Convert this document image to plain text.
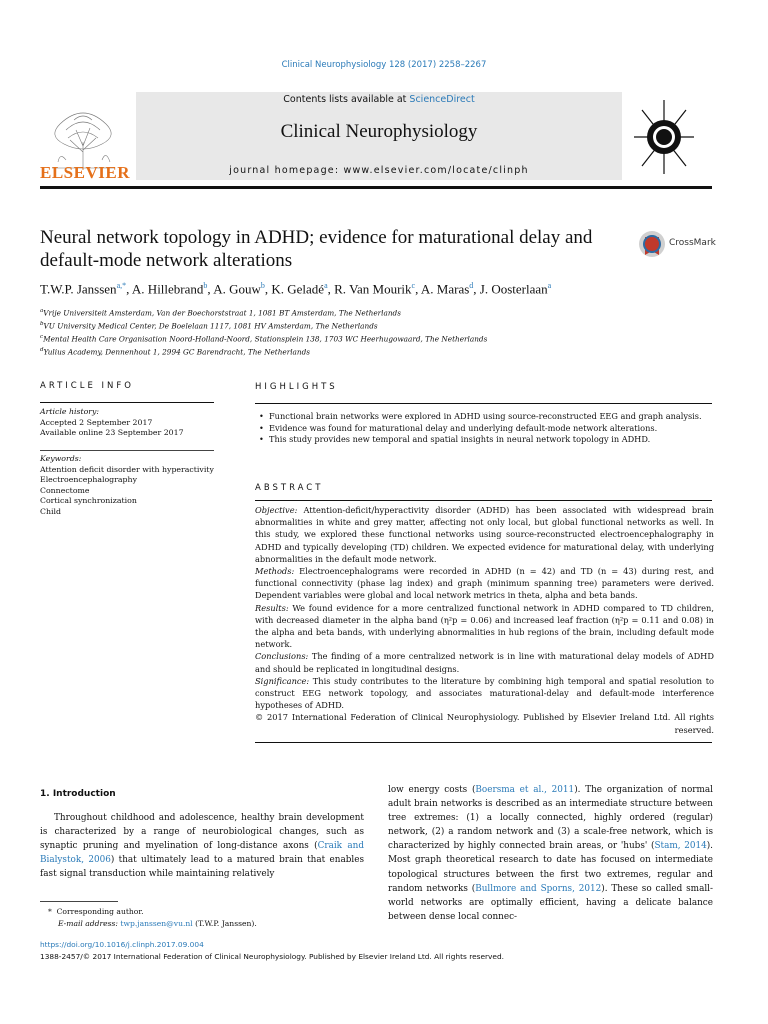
Clinical Neurophysiology 128 (2017) 2258–2267
ELSEVIER
Contents lists available at ScienceDirect
Clinical Neurophysiology
journal homepage: www.elsevier.com/locate/clinph
Neural network topology in ADHD; evidence for maturational delay and default-mode network alterations
CrossMark
T.W.P. Janssen$^{a,*}$, A. Hillebrand$^b$, A. Gouw$^b$, K. Geladé$^a$, R. Van Mourik$^c$, A. Maras$^d$, J. Oosterlaan$^a$
$^a$Vrije Universiteit Amsterdam, Van der Boechorststraat 1, 1081 BT Amsterdam, The Netherlands
$^b$VU University Medical Center, De Boelelaan 1117, 1081 HV Amsterdam, The Netherlands
$^c$Mental Health Care Organisation Noord-Holland-Noord, Stationsplein 138, 1703 WC Heerhugowaard, The Netherlands
$^d$Yulius Academy, Dennenhout 1, 2994 GC Barendracht, The Netherlands
ARTICLE INFO
Article history:
Accepted 2 September 2017
Available online 23 September 2017
Keywords:
Attention deficit disorder with hyperactivity
Electroencephalography
Connectome
Cortical synchronization
Child
HIGHLIGHTS
• Functional brain networks were explored in ADHD using source-reconstructed EEG and graph analysis.
• Evidence was found for maturational delay and underlying default-mode network alterations.
• This study provides new temporal and spatial insights in neural network topology in ADHD.
ABSTRACT

Objective: Attention-deficit/hyperactivity disorder (ADHD) has been associated with widespread brain abnormalities in white and grey matter, affecting not only local, but global functional networks as well. In this study, we explored these functional networks using source-reconstructed electroencephalography in ADHD and typically developing (TD) children. We expected evidence for maturational delay, with underlying abnormalities in the default mode network.

Methods: Electroencephalograms were recorded in ADHD (n = 42) and TD (n = 43) during rest, and functional connectivity (phase lag index) and graph (minimum spanning tree) parameters were derived. Dependent variables were global and local network metrics in theta, alpha and beta bands.

Results: We found evidence for a more centralized functional network in ADHD compared to TD children, with decreased diameter in the alpha band (η²p = 0.06) and increased leaf fraction (η²p = 0.11 and 0.08) in the alpha and beta bands, with underlying abnormalities in hub regions of the brain, including default mode network.

Conclusions: The finding of a more centralized network is in line with maturational delay models of ADHD and should be replicated in longitudinal designs.

Significance: This study contributes to the literature by combining high temporal and spatial resolution to construct EEG network topology, and associates maturational-delay and default-mode interference hypotheses of ADHD.

© 2017 International Federation of Clinical Neurophysiology. Published by Elsevier Ireland Ltd. All rights reserved.

1. Introduction

Throughout childhood and adolescence, healthy brain development is characterized by a range of neurobiological changes, such as synaptic pruning and myelination of long-distance axons (Craik and Bialystok, 2006) that ultimately lead to a matured brain that enables fast signal transduction while maintaining relatively

low energy costs (Boersma et al., 2011). The organization of normal adult brain networks is described as an intermediate structure between tree extremes: (1) a locally connected, highly ordered (regular) network, (2) a random network and (3) a scale-free network, which is characterized by highly connected brain areas, or 'hubs' (Stam, 2014). Most graph theoretical research to date has focused on intermediate topological structures between the first two extremes, regular and random networks (Bullmore and Sporns, 2012). These so called small-world networks are optimally efficient, having a delicate balance between dense local connec-

* Corresponding author.
E-mail address: twp.janssen@vu.nl (T.W.P. Janssen).
https://doi.org/10.1016/j.clinph.2017.09.004
1388-2457/© 2017 International Federation of Clinical Neurophysiology. Published by Elsevier Ireland Ltd. All rights reserved.
